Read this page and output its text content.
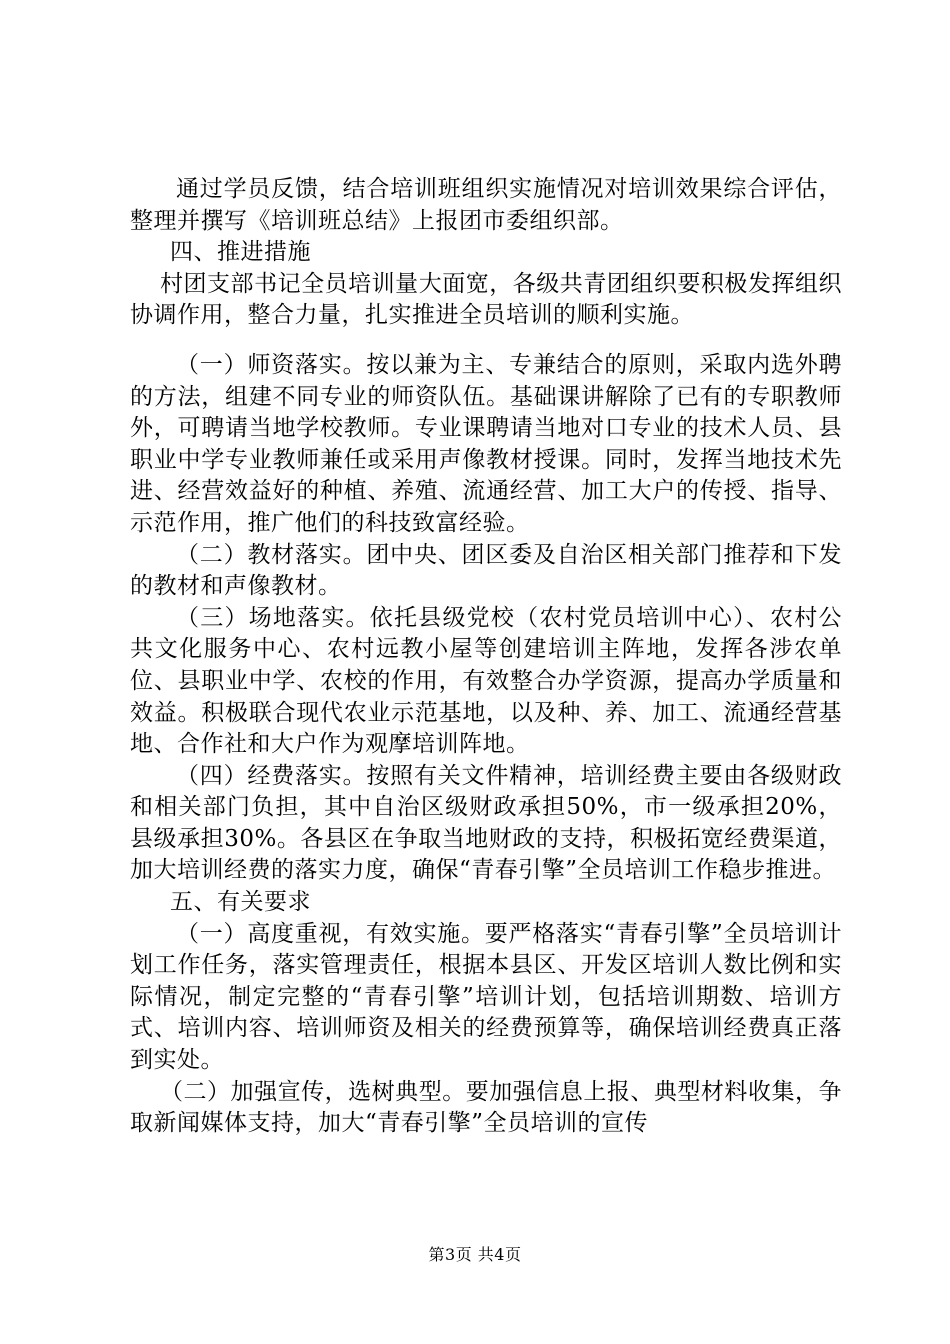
通过学员反馈，结合培训班组织实施情况对培训效果综合评估，整理并撰写《培训班总结》上报团市委组织部。

四、推进措施

村团支部书记全员培训量大面宽，各级共青团组织要积极发挥组织协调作用，整合力量，扎实推进全员培训的顺利实施。

（一）师资落实。按以兼为主、专兼结合的原则，采取内选外聘的方法，组建不同专业的师资队伍。基础课讲解除了已有的专职教师外，可聘请当地学校教师。专业课聘请当地对口专业的技术人员、县职业中学专业教师兼任或采用声像教材授课。同时，发挥当地技术先进、经营效益好的种植、养殖、流通经营、加工大户的传授、指导、示范作用，推广他们的科技致富经验。

（二）教材落实。团中央、团区委及自治区相关部门推荐和下发的教材和声像教材。

（三）场地落实。依托县级党校（农村党员培训中心）、农村公共文化服务中心、农村远教小屋等创建培训主阵地，发挥各涉农单位、县职业中学、农校的作用，有效整合办学资源，提高办学质量和效益。积极联合现代农业示范基地，以及种、养、加工、流通经营基地、合作社和大户作为观摩培训阵地。

（四）经费落实。按照有关文件精神，培训经费主要由各级财政和相关部门负担，其中自治区级财政承担50%，市一级承担20%，县级承担30%。各县区在争取当地财政的支持，积极拓宽经费渠道，加大培训经费的落实力度，确保“青春引擎”全员培训工作稳步推进。

五、有关要求

（一）高度重视，有效实施。要严格落实“青春引擎”全员培训计划工作任务，落实管理责任，根据本县区、开发区培训人数比例和实际情况，制定完整的“青春引擎”培训计划，包括培训期数、培训方式、培训内容、培训师资及相关的经费预算等，确保培训经费真正落到实处。

（二）加强宣传，选树典型。要加强信息上报、典型材料收集，争取新闻媒体支持，加大“青春引擎”全员培训的宣传

第3页 共4页
